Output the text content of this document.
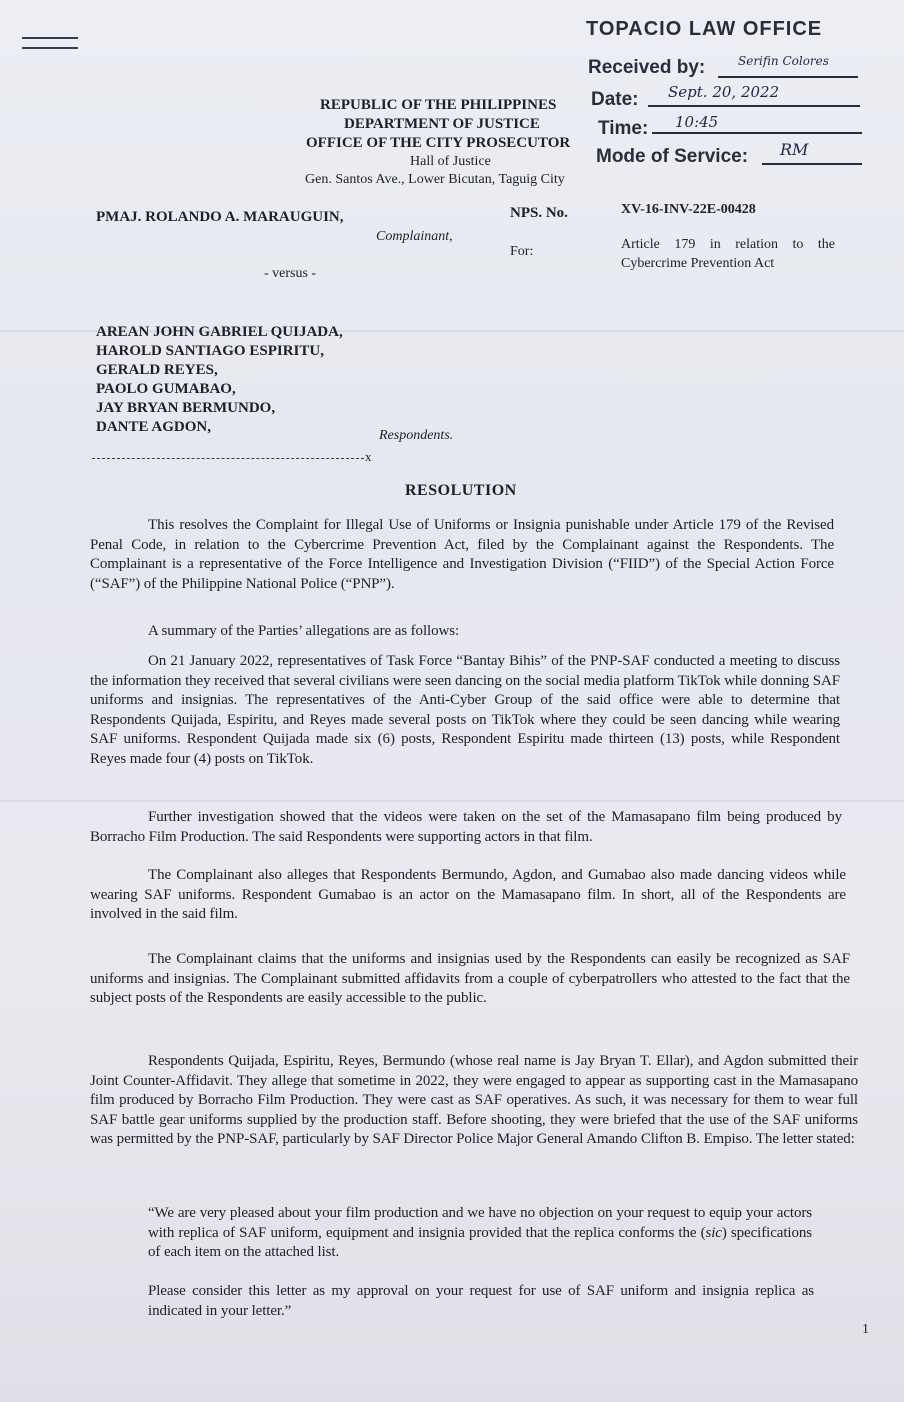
TOPACIO LAW OFFICE
Received by:	Serifin Colores
Date: Sept. 20, 2022
Time: 10:45
Mode of Service: RM
REPUBLIC OF THE PHILIPPINES
DEPARTMENT OF JUSTICE
OFFICE OF THE CITY PROSECUTOR
Hall of Justice
Gen. Santos Ave., Lower Bicutan, Taguig City
PMAJ. ROLANDO A. MARAUGUIN,
Complainant,
NPS. No.	XV-16-INV-22E-00428
For:	Article 179 in relation to the
Cybercrime Prevention Act
- versus -
AREAN JOHN GABRIEL QUIJADA,
HAROLD SANTIAGO ESPIRITU,
GERALD REYES,
PAOLO GUMABAO,
JAY BRYAN BERMUNDO,
DANTE AGDON,
Respondents.
x
RESOLUTION
This resolves the Complaint for Illegal Use of Uniforms or Insignia punishable under Article 179 of the Revised Penal Code, in relation to the Cybercrime Prevention Act, filed by the Complainant against the Respondents. The Complainant is a representative of the Force Intelligence and Investigation Division (“FIID”) of the Special Action Force (“SAF”) of the Philippine National Police (“PNP”).
A summary of the Parties’ allegations are as follows:
On 21 January 2022, representatives of Task Force “Bantay Bihis” of the PNP-SAF conducted a meeting to discuss the information they received that several civilians were seen dancing on the social media platform TikTok while donning SAF uniforms and insignias. The representatives of the Anti-Cyber Group of the said office were able to determine that Respondents Quijada, Espiritu, and Reyes made several posts on TikTok where they could be seen dancing while wearing SAF uniforms. Respondent Quijada made six (6) posts, Respondent Espiritu made thirteen (13) posts, while Respondent Reyes made four (4) posts on TikTok.
Further investigation showed that the videos were taken on the set of the Mamasapano film being produced by Borracho Film Production. The said Respondents were supporting actors in that film.
The Complainant also alleges that Respondents Bermundo, Agdon, and Gumabao also made dancing videos while wearing SAF uniforms. Respondent Gumabao is an actor on the Mamasapano film. In short, all of the Respondents are involved in the said film.
The Complainant claims that the uniforms and insignias used by the Respondents can easily be recognized as SAF uniforms and insignias. The Complainant submitted affidavits from a couple of cyberpatrollers who attested to the fact that the subject posts of the Respondents are easily accessible to the public.
Respondents Quijada, Espiritu, Reyes, Bermundo (whose real name is Jay Bryan T. Ellar), and Agdon submitted their Joint Counter-Affidavit. They allege that sometime in 2022, they were engaged to appear as supporting cast in the Mamasapano film produced by Borracho Film Production. They were cast as SAF operatives. As such, it was necessary for them to wear full SAF battle gear uniforms supplied by the production staff. Before shooting, they were briefed that the use of the SAF uniforms was permitted by the PNP-SAF, particularly by SAF Director Police Major General Amando Clifton B. Empiso. The letter stated:
“We are very pleased about your film production and we have no objection on your request to equip your actors with replica of SAF uniform, equipment and insignia provided that the replica conforms the (sic) specifications of each item on the attached list.
Please consider this letter as my approval on your request for use of SAF uniform and insignia replica as indicated in your letter.”
1
